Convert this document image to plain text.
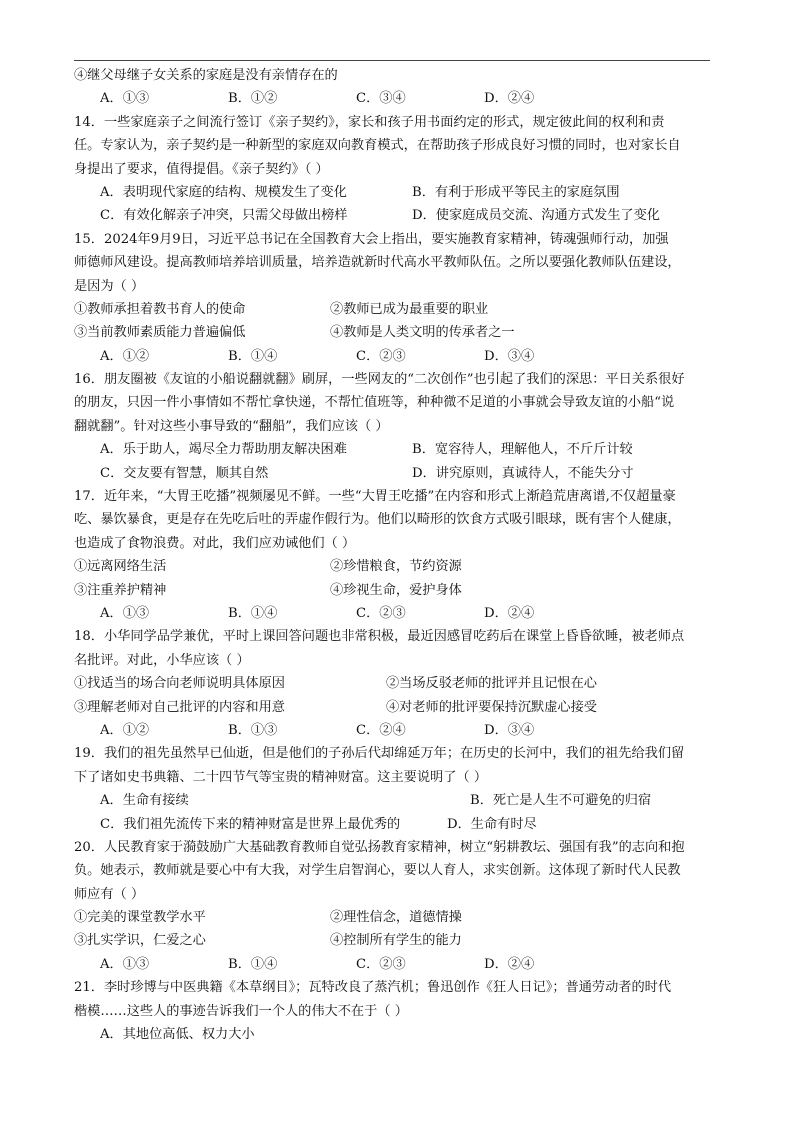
④继父母继子女关系的家庭是没有亲情存在的
A．①③	B．①②	C．③④	D．②④
14．一些家庭亲子之间流行签订《亲子契约》，家长和孩子用书面约定的形式，规定彼此间的权利和责
任。专家认为，亲子契约是一种新型的家庭双向教育模式，在帮助孩子形成良好习惯的同时，也对家长自
身提出了要求，值得提倡。《亲子契约》（ ）
A．表明现代家庭的结构、规模发生了变化	B．有利于形成平等民主的家庭氛围
C．有效化解亲子冲突，只需父母做出榜样	D．使家庭成员交流、沟通方式发生了变化
15．2024年9月9日，习近平总书记在全国教育大会上指出，要实施教育家精神，铸魂强师行动，加强
师德师风建设。提高教师培养培训质量，培养造就新时代高水平教师队伍。之所以要强化教师队伍建设，
是因为（ ）
①教师承担着教书育人的使命	②教师已成为最重要的职业
③当前教师素质能力普遍偏低	④教师是人类文明的传承者之一
A．①②	B．①④	C．②③	D．③④
16．朋友圈被《友谊的小船说翻就翻》刷屏，一些网友的“二次创作”也引起了我们的深思：平日关系很好
的朋友，只因一件小事情如不帮忙拿快递，不帮忙值班等，种种微不足道的小事就会导致友谊的小船“说
翻就翻”。针对这些小事导致的“翻船”，我们应该（ ）
A．乐于助人，竭尽全力帮助朋友解决困难	B．宽容待人，理解他人，不斤斤计较
C．交友要有智慧，顺其自然	D．讲究原则，真诚待人，不能失分寸
17．近年来，“大胃王吃播”视频屡见不鲜。一些“大胃王吃播”在内容和形式上渐趋荒唐离谱,不仅超量豪
吃、暴饮暴食，更是存在先吃后吐的弄虚作假行为。他们以畸形的饮食方式吸引眼球，既有害个人健康，
也造成了食物浪费。对此，我们应劝诫他们（ ）
①远离网络生活	②珍惜粮食，节约资源
③注重养护精神	④珍视生命，爱护身体
A．①③	B．①④	C．②③	D．②④
18．小华同学品学兼优，平时上课回答问题也非常积极，最近因感冒吃药后在课堂上昏昏欲睡，被老师点
名批评。对此，小华应该（ ）
①找适当的场合向老师说明具体原因	②当场反驳老师的批评并且记恨在心
③理解老师对自己批评的内容和用意	④对老师的批评要保持沉默虚心接受
A．①②	B．①③	C．②④	D．③④
19．我们的祖先虽然早已仙逝，但是他们的子孙后代却绵延万年；在历史的长河中，我们的祖先给我们留
下了诸如史书典籍、二十四节气等宝贵的精神财富。这主要说明了（ ）
A．生命有接续	B．死亡是人生不可避免的归宿
C．我们祖先流传下来的精神财富是世界上最优秀的	D．生命有时尽
20．人民教育家于漪鼓励广大基础教育教师自觉弘扬教育家精神，树立“躬耕教坛、强国有我”的志向和抱
负。她表示，教师就是要心中有大我，对学生启智润心，要以人育人，求实创新。这体现了新时代人民教
师应有（ ）
①完美的课堂教学水平	②理性信念，道德情操
③扎实学识，仁爱之心	④控制所有学生的能力
A．①③	B．①④	C．②③	D．②④
21．李时珍博与中医典籍《本草纲目》；瓦特改良了蒸汽机；鲁迅创作《狂人日记》；普通劳动者的时代
楷模……这些人的事迹告诉我们一个人的伟大不在于（ ）
A．其地位高低、权力大小
